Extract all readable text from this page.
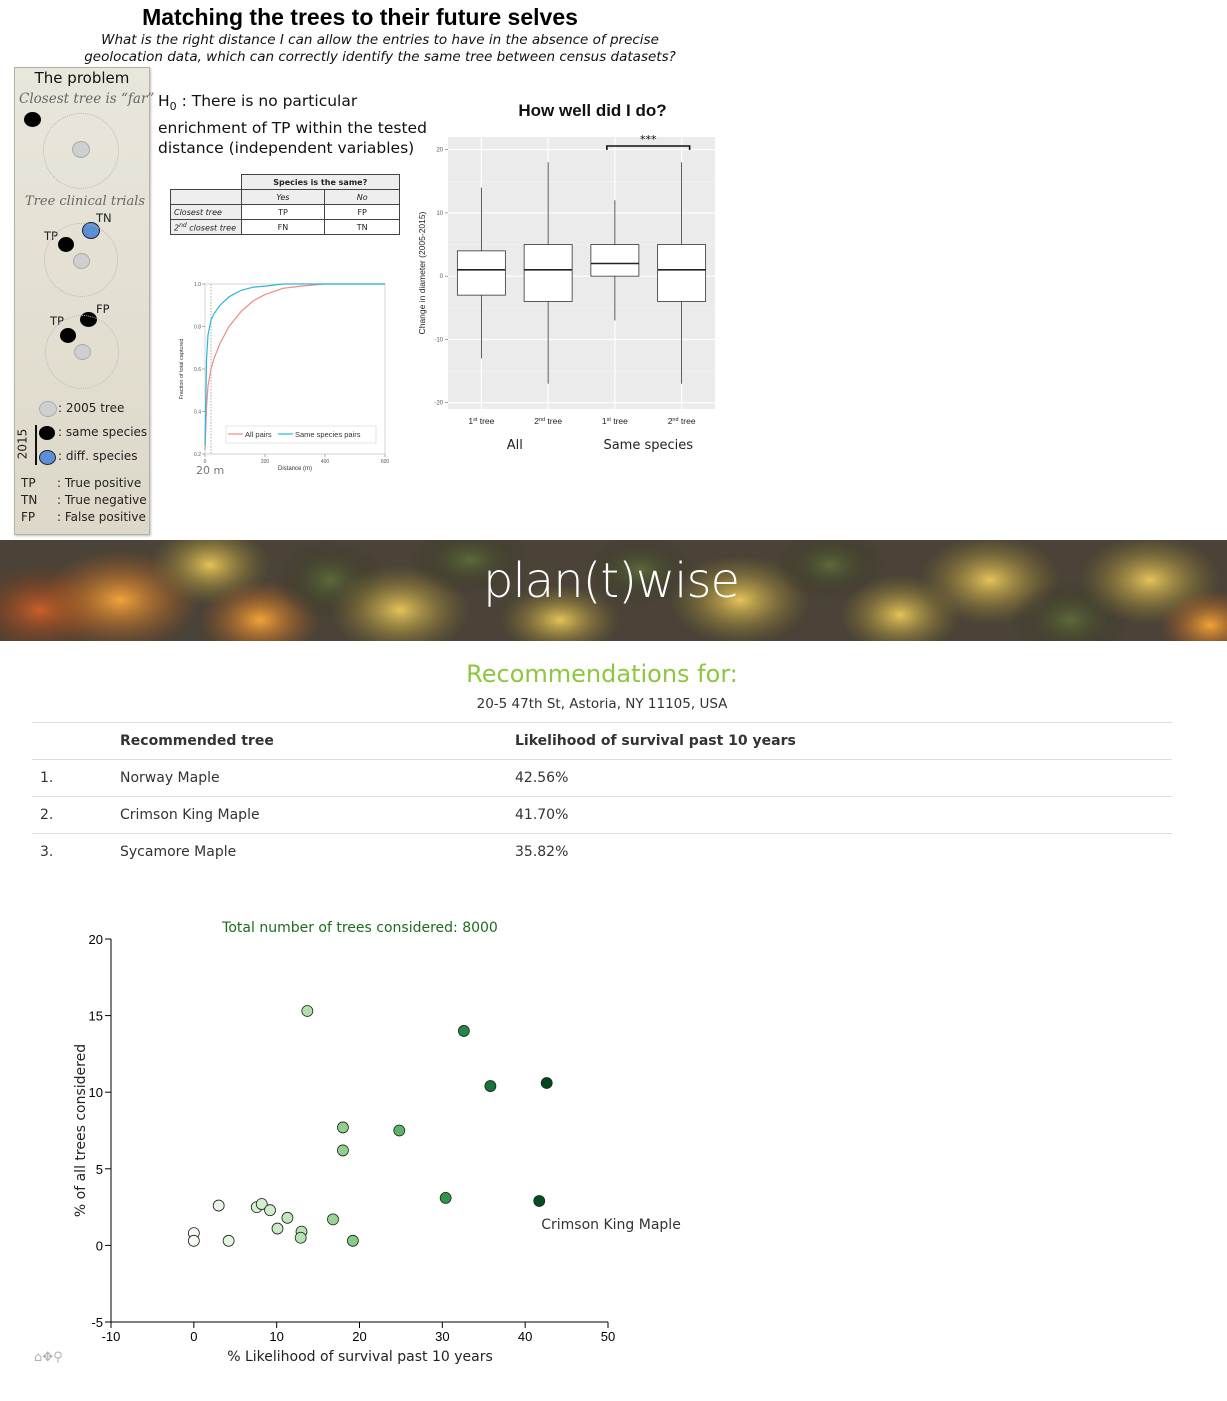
Matching the trees to their future selves
What is the right distance I can allow the entries to have in the absence of precise geolocation data, which can correctly identify the same tree between census datasets?
The problem
Closest tree is “far”
Tree clinical trials
TN
TP
FP
TP
: 2005 tree
2015 : same species
: diff. species
TP : True positive
TN : True negative
FP : False positive
$H_0$ : There is no particular enrichment of TP within the tested distance (independent variables)
	Species is the same?	
	Yes	No
Closest tree	TP	FP
2nd closest tree	FN	TN
0.2
0.4
0.6
0.8
1.0
0	200	400	600
Distance (m)
Fraction of total captured
20 m
All pairs	Same species pairs
How well did I do?
-20
-10
0
10
20
1st tree	2nd tree	1st tree	2nd tree
All	Same species
***
Change in diameter (2005-2015)
plan(t)wise
Recommendations for:
20-5 47th St, Astoria, NY 11105, USA
	Recommended tree	Likelihood of survival past 10 years
1.	Norway Maple	42.56%
2.	Crimson King Maple	41.70%
3.	Sycamore Maple	35.82%
-5
0
5
10
15
20
-10	0	10	20	30	40	50
Total number of trees considered: 8000
% Likelihood of survival past 10 years
% of all trees considered
Crimson King Maple
⌂✥⚲
